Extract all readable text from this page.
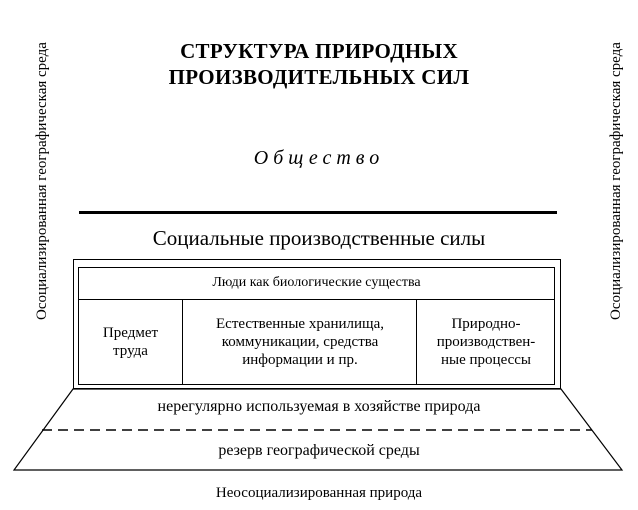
СТРУКТУРА ПРИРОДНЫХ
ПРОИЗВОДИТЕЛЬНЫХ СИЛ
Общество
Социальные производственные силы
Осоциализированная географическая среда	Осоциализированная географическая среда
Люди как биологические существа
Предмет
труда
Естественные хранилища,
коммуникации, средства
информации и пр.
Природно-
производствен-
ные процессы
нерегулярно используемая в хозяйстве природа
резерв географической среды
Неосоциализированная природа
